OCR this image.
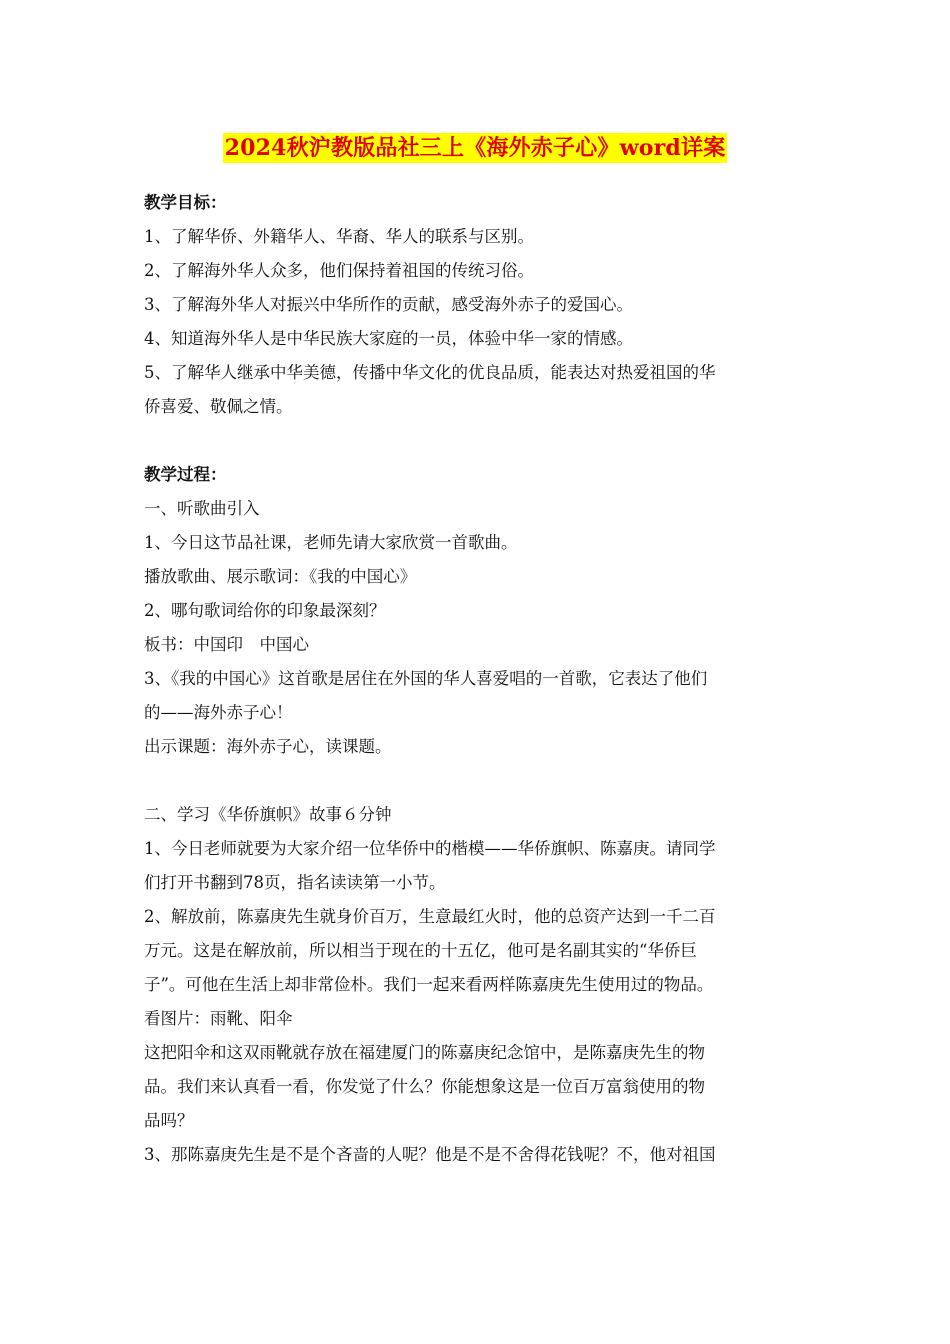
2024秋沪教版品社三上《海外赤子心》word详案
教学目标：
1、了解华侨、外籍华人、华裔、华人的联系与区别。
2、了解海外华人众多，他们保持着祖国的传统习俗。
3、了解海外华人对振兴中华所作的贡献，感受海外赤子的爱国心。
4、知道海外华人是中华民族大家庭的一员，体验中华一家的情感。
5、了解华人继承中华美德，传播中华文化的优良品质，能表达对热爱祖国的华
侨喜爱、敬佩之情。
教学过程：
一、听歌曲引入
1、今日这节品社课，老师先请大家欣赏一首歌曲。
播放歌曲、展示歌词：《我的中国心》
2、哪句歌词给你的印象最深刻？
板书：中国印　中国心
3、《我的中国心》这首歌是居住在外国的华人喜爱唱的一首歌，它表达了他们
的——海外赤子心！
出示课题：海外赤子心，读课题。
二、学习《华侨旗帜》故事６分钟
1、今日老师就要为大家介绍一位华侨中的楷模——华侨旗帜、陈嘉庚。请同学
们打开书翻到78页，指名读读第一小节。
2、解放前，陈嘉庚先生就身价百万，生意最红火时，他的总资产达到一千二百
万元。这是在解放前，所以相当于现在的十五亿，他可是名副其实的“华侨巨
子”。可他在生活上却非常俭朴。我们一起来看两样陈嘉庚先生使用过的物品。
看图片：雨靴、阳伞
这把阳伞和这双雨靴就存放在福建厦门的陈嘉庚纪念馆中，是陈嘉庚先生的物
品。我们来认真看一看，你发觉了什么？你能想象这是一位百万富翁使用的物
品吗？
3、那陈嘉庚先生是不是个吝啬的人呢？他是不是不舍得花钱呢？不，他对祖国
